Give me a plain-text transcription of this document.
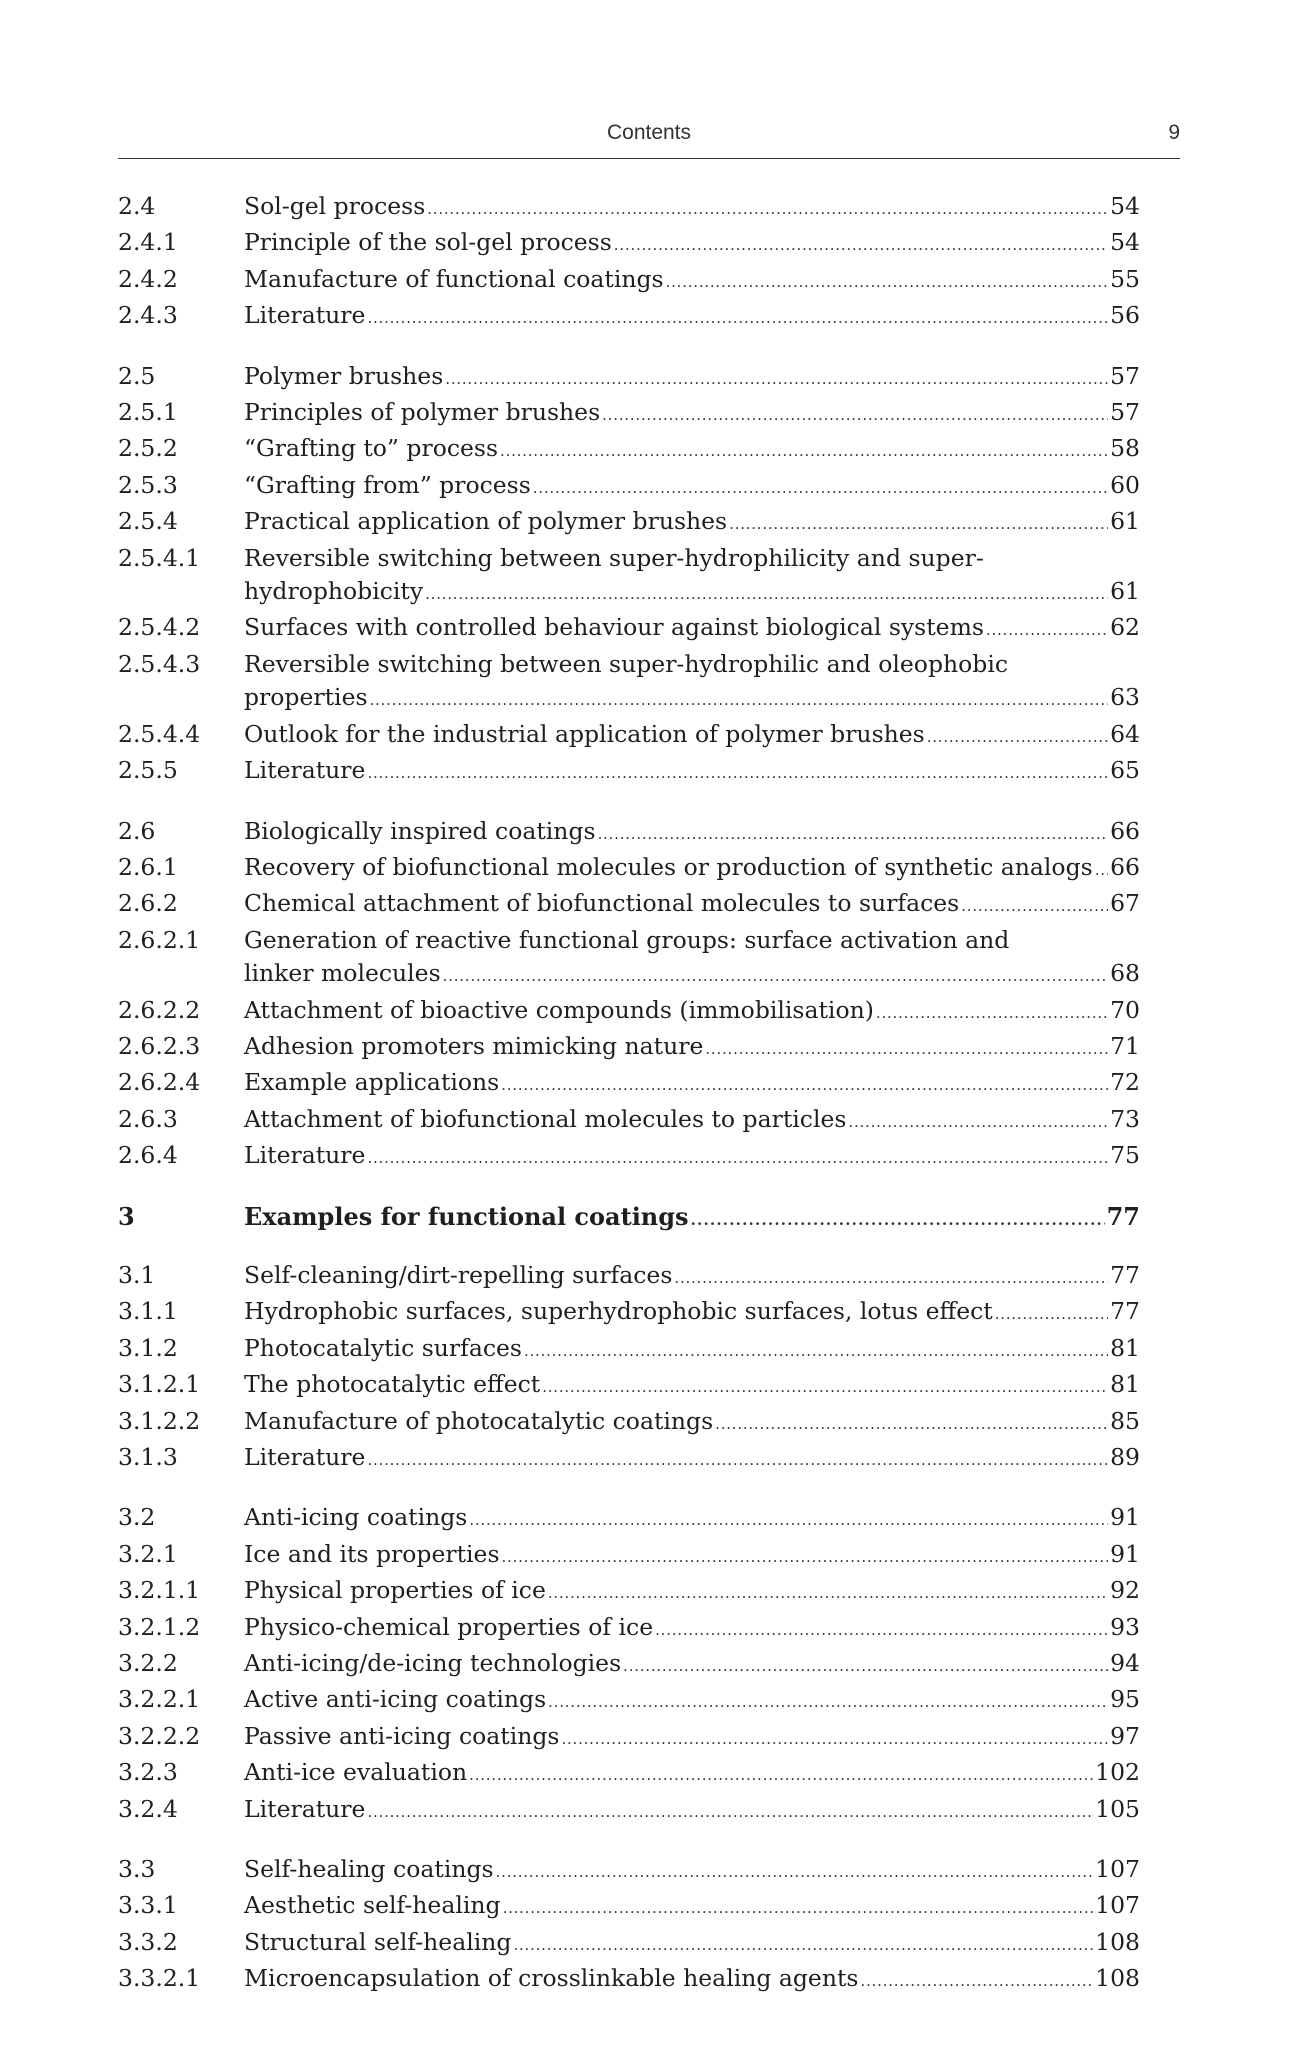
Contents	9
2.4	Sol-gel process . . .	54
2.4.1	Principle of the sol-gel process . . .	54
2.4.2	Manufacture of functional coatings . . .	55
2.4.3	Literature . . .	56
2.5	Polymer brushes . . .	57
2.5.1	Principles of polymer brushes . . .	57
2.5.2	“Grafting to” process . . .	58
2.5.3	“Grafting from” process . . .	60
2.5.4	Practical application of polymer brushes . . .	61
2.5.4.1	Reversible switching between super-hydrophilicity and super-
hydrophobicity . . .	61
2.5.4.2	Surfaces with controlled behaviour against biological systems . . .	62
2.5.4.3	Reversible switching between super-hydrophilic and oleophobic
properties . . .	63
2.5.4.4	Outlook for the industrial application of polymer brushes . . .	64
2.5.5	Literature . . .	65
2.6	Biologically inspired coatings . . .	66
2.6.1	Recovery of biofunctional molecules or production of synthetic analogs . . . 66
2.6.2	Chemical attachment of biofunctional molecules to surfaces . . .	67
2.6.2.1	Generation of reactive functional groups: surface activation and
linker molecules . . .	68
2.6.2.2	Attachment of bioactive compounds (immobilisation) . . .	70
2.6.2.3	Adhesion promoters mimicking nature . . .	71
2.6.2.4	Example applications . . .	72
2.6.3	Attachment of biofunctional molecules to particles . . .	73
2.6.4	Literature . . .	75
3	Examples for functional coatings . . .	77
3.1	Self-cleaning/dirt-repelling surfaces . . .	77
3.1.1	Hydrophobic surfaces, superhydrophobic surfaces, lotus effect . . .	77
3.1.2	Photocatalytic surfaces . . .	81
3.1.2.1	The photocatalytic effect . . .	81
3.1.2.2	Manufacture of photocatalytic coatings . . .	85
3.1.3	Literature . . .	89
3.2	Anti-icing coatings . . .	91
3.2.1	Ice and its properties . . .	91
3.2.1.1	Physical properties of ice . . .	92
3.2.1.2	Physico-chemical properties of ice . . .	93
3.2.2	Anti-icing/de-icing technologies . . .	94
3.2.2.1	Active anti-icing coatings . . .	95
3.2.2.2	Passive anti-icing coatings . . .	97
3.2.3	Anti-ice evaluation . . .	102
3.2.4	Literature . . .	105
3.3	Self-healing coatings . . .	107
3.3.1	Aesthetic self-healing . . .	107
3.3.2	Structural self-healing . . .	108
3.3.2.1	Microencapsulation of crosslinkable healing agents . . .	108
